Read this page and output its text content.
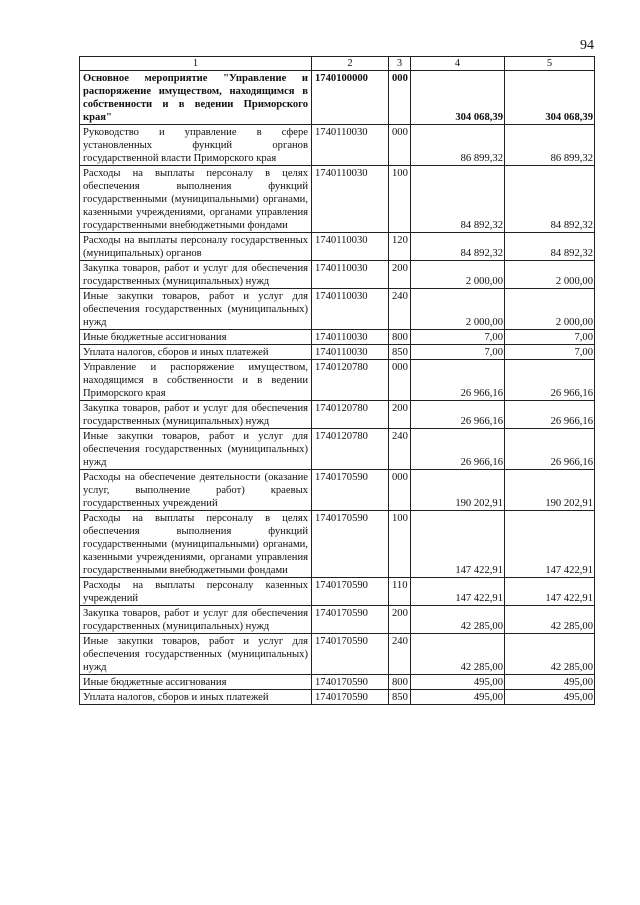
94
1	2	3	4	5
Основное мероприятие "Управление и распоряжение имуществом, находящимся в собственности и в ведении Приморского края"	1740100000	000	304 068,39	304 068,39
Руководство и управление в сфере установленных функций органов государственной власти Приморского края	1740110030	000	86 899,32	86 899,32
Расходы на выплаты персоналу в целях обеспечения выполнения функций государственными (муниципальными) органами, казенными учреждениями, органами управления государственными внебюджетными фондами	1740110030	100	84 892,32	84 892,32
Расходы на выплаты персоналу государственных (муниципальных) органов	1740110030	120	84 892,32	84 892,32
Закупка товаров, работ и услуг для обеспечения государственных (муниципальных) нужд	1740110030	200	2 000,00	2 000,00
Иные закупки товаров, работ и услуг для обеспечения государственных (муниципальных) нужд	1740110030	240	2 000,00	2 000,00
Иные бюджетные ассигнования	1740110030	800	7,00	7,00
Уплата налогов, сборов и иных платежей	1740110030	850	7,00	7,00
Управление и распоряжение имуществом, находящимся в собственности и в ведении Приморского края	1740120780	000	26 966,16	26 966,16
Закупка товаров, работ и услуг для обеспечения государственных (муниципальных) нужд	1740120780	200	26 966,16	26 966,16
Иные закупки товаров, работ и услуг для обеспечения государственных (муниципальных) нужд	1740120780	240	26 966,16	26 966,16
Расходы на обеспечение деятельности (оказание услуг, выполнение работ) краевых государственных учреждений	1740170590	000	190 202,91	190 202,91
Расходы на выплаты персоналу в целях обеспечения выполнения функций государственными (муниципальными) органами, казенными учреждениями, органами управления государственными внебюджетными фондами	1740170590	100	147 422,91	147 422,91
Расходы на выплаты персоналу казенных учреждений	1740170590	110	147 422,91	147 422,91
Закупка товаров, работ и услуг для обеспечения государственных (муниципальных) нужд	1740170590	200	42 285,00	42 285,00
Иные закупки товаров, работ и услуг для обеспечения государственных (муниципальных) нужд	1740170590	240	42 285,00	42 285,00
Иные бюджетные ассигнования	1740170590	800	495,00	495,00
Уплата налогов, сборов и иных платежей	1740170590	850	495,00	495,00
